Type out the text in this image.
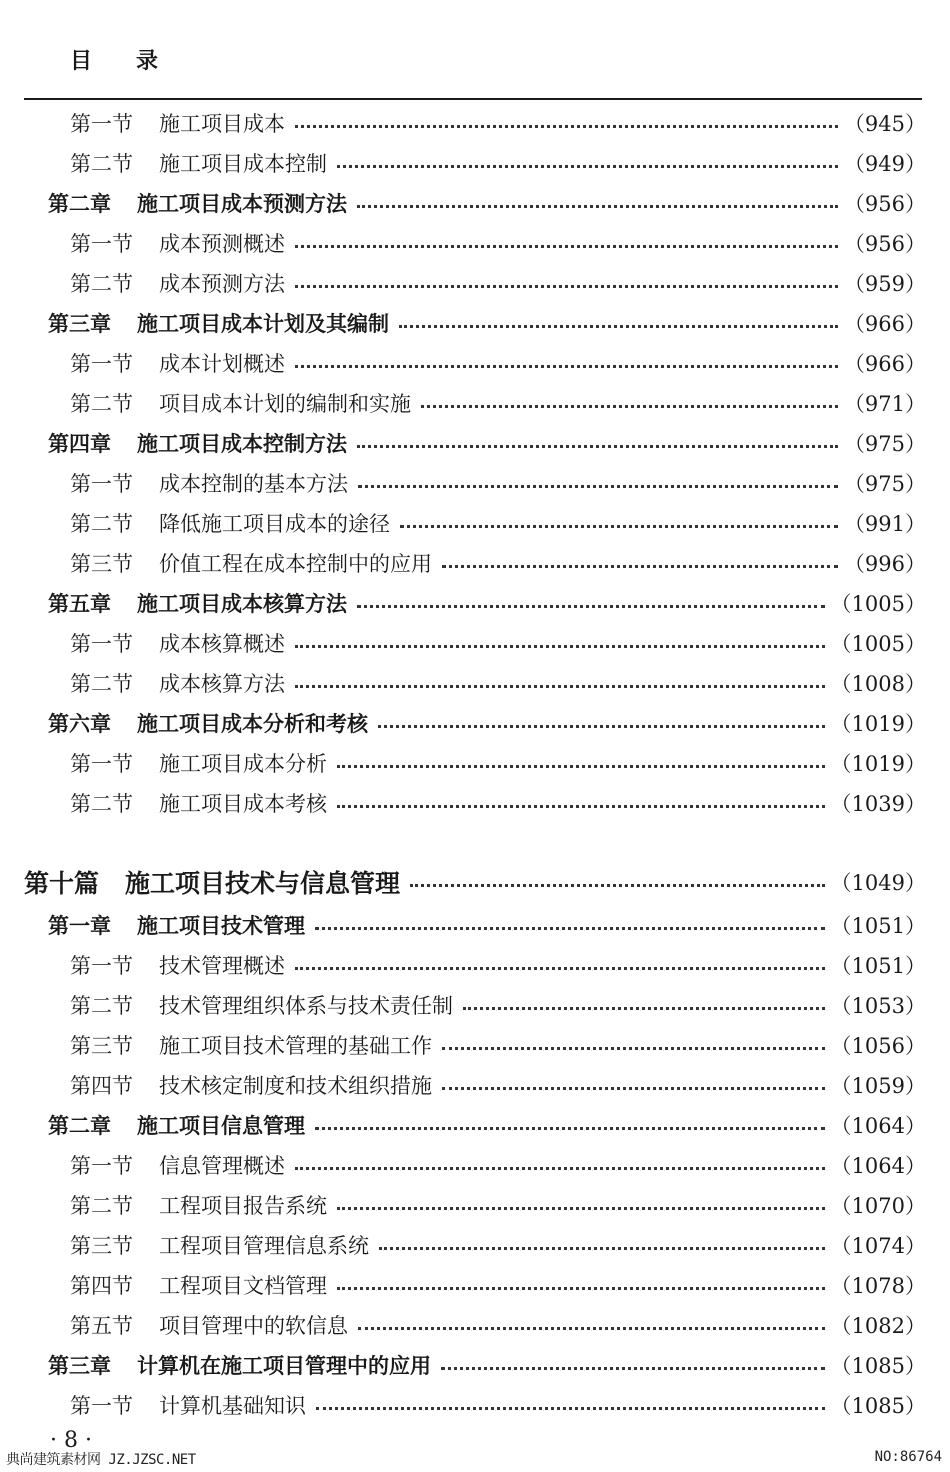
目 录
第一节 施工项目成本	（945）
第二节 施工项目成本控制	（949）
第二章 施工项目成本预测方法	（956）
第一节 成本预测概述	（956）
第二节 成本预测方法	（959）
第三章 施工项目成本计划及其编制	（966）
第一节 成本计划概述	（966）
第二节 项目成本计划的编制和实施	（971）
第四章 施工项目成本控制方法	（975）
第一节 成本控制的基本方法	（975）
第二节 降低施工项目成本的途径	（991）
第三节 价值工程在成本控制中的应用	（996）
第五章 施工项目成本核算方法	（1005）
第一节 成本核算概述	（1005）
第二节 成本核算方法	（1008）
第六章 施工项目成本分析和考核	（1019）
第一节 施工项目成本分析	（1019）
第二节 施工项目成本考核	（1039）
第十篇 施工项目技术与信息管理	（1049）
第一章 施工项目技术管理	（1051）
第一节 技术管理概述	（1051）
第二节 技术管理组织体系与技术责任制	（1053）
第三节 施工项目技术管理的基础工作	（1056）
第四节 技术核定制度和技术组织措施	（1059）
第二章 施工项目信息管理	（1064）
第一节 信息管理概述	（1064）
第二节 工程项目报告系统	（1070）
第三节 工程项目管理信息系统	（1074）
第四节 工程项目文档管理	（1078）
第五节 项目管理中的软信息	（1082）
第三章 计算机在施工项目管理中的应用	（1085）
第一节 计算机基础知识	（1085）
· 8 ·
典尚建筑素材网 JZ.JZSC.NET	NO:86764
